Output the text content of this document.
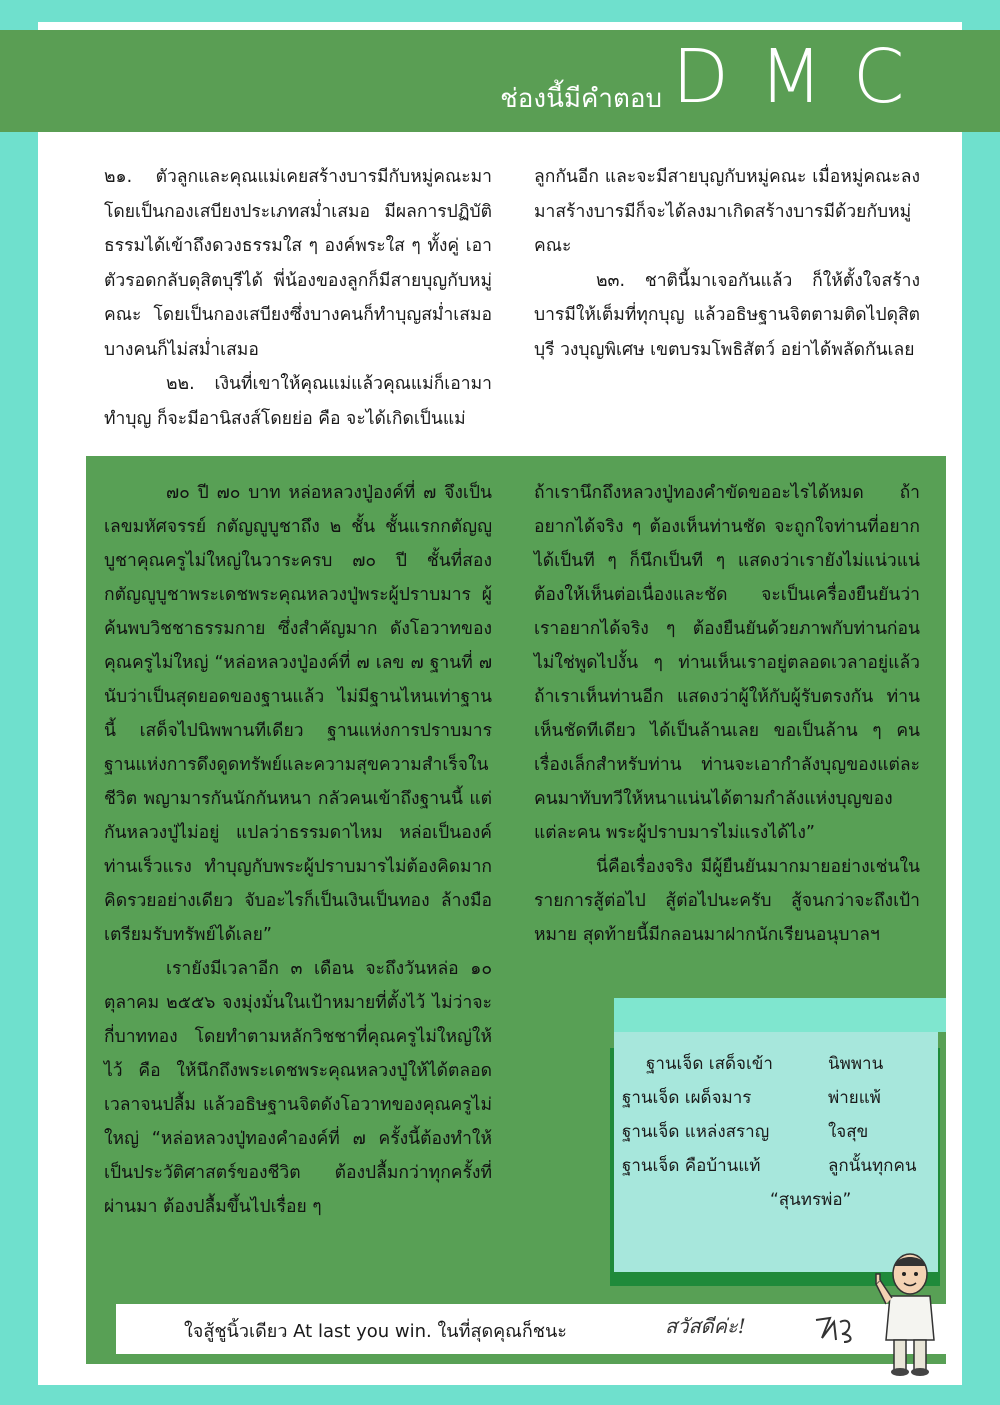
ช่องนี้มีคำตอบ DMC

๒๑. ตัวลูกและคุณแม่เคยสร้างบารมีกับหมู่คณะมาโดยเป็นกองเสบียงประเภทสม่ำเสมอ มีผลการปฏิบัติธรรมได้เข้าถึงดวงธรรมใส ๆ องค์พระใส ๆ ทั้งคู่ เอาตัวรอดกลับดุสิตบุรีได้ พี่น้องของลูกก็มีสายบุญกับหมู่คณะ โดยเป็นกองเสบียงซึ่งบางคนก็ทำบุญสม่ำเสมอ บางคนก็ไม่สม่ำเสมอ

๒๒. เงินที่เขาให้คุณแม่แล้วคุณแม่ก็เอามาทำบุญ ก็จะมีอานิสงส์โดยย่อ คือ จะได้เกิดเป็นแม่

ลูกกันอีก และจะมีสายบุญกับหมู่คณะ เมื่อหมู่คณะลงมาสร้างบารมีก็จะได้ลงมาเกิดสร้างบารมีด้วยกับหมู่คณะ

๒๓. ชาตินี้มาเจอกันแล้ว ก็ให้ตั้งใจสร้างบารมีให้เต็มที่ทุกบุญ แล้วอธิษฐานจิตตามติดไปดุสิตบุรี วงบุญพิเศษ เขตบรมโพธิสัตว์ อย่าได้พลัดกันเลย

๗๐ ปี ๗๐ บาท หล่อหลวงปู่องค์ที่ ๗ จึงเป็นเลขมหัศจรรย์ กตัญญูบูชาถึง ๒ ชั้น ชั้นแรกกตัญญูบูชาคุณครูไม่ใหญ่ในวาระครบ ๗๐ ปี ชั้นที่สองกตัญญูบูชาพระเดชพระคุณหลวงปู่พระผู้ปราบมาร ผู้ค้นพบวิชชาธรรมกาย ซึ่งสำคัญมาก ดังโอวาทของคุณครูไม่ใหญ่ “หล่อหลวงปู่องค์ที่ ๗ เลข ๗ ฐานที่ ๗ นับว่าเป็นสุดยอดของฐานแล้ว ไม่มีฐานไหนเท่าฐานนี้ เสด็จไปนิพพานทีเดียว ฐานแห่งการปราบมาร ฐานแห่งการดึงดูดทรัพย์และความสุขความสำเร็จในชีวิต พญามารกันนักกันหนา กลัวคนเข้าถึงฐานนี้ แต่กันหลวงปู่ไม่อยู่ แปลว่าธรรมดาไหม หล่อเป็นองค์ท่านเร็วแรง ทำบุญกับพระผู้ปราบมารไม่ต้องคิดมาก คิดรวยอย่างเดียว จับอะไรก็เป็นเงินเป็นทอง ล้างมือเตรียมรับทรัพย์ได้เลย”

เรายังมีเวลาอีก ๓ เดือน จะถึงวันหล่อ ๑๐ ตุลาคม ๒๕๕๖ จงมุ่งมั่นในเป้าหมายที่ตั้งไว้ ไม่ว่าจะกี่บาททอง โดยทำตามหลักวิชชาที่คุณครูไม่ใหญ่ให้ไว้ คือ ให้นึกถึงพระเดชพระคุณหลวงปู่ให้ได้ตลอดเวลาจนปลื้ม แล้วอธิษฐานจิตดังโอวาทของคุณครูไม่ใหญ่ “หล่อหลวงปู่ทองคำองค์ที่ ๗ ครั้งนี้ต้องทำให้เป็นประวัติศาสตร์ของชีวิต ต้องปลื้มกว่าทุกครั้งที่ผ่านมา ต้องปลื้มขึ้นไปเรื่อย ๆ

ถ้าเรานึกถึงหลวงปู่ทองคำขัดขออะไรได้หมด ถ้าอยากได้จริง ๆ ต้องเห็นท่านชัด จะถูกใจท่านที่อยากได้เป็นที ๆ ก็นึกเป็นที ๆ แสดงว่าเรายังไม่แน่วแน่ ต้องให้เห็นต่อเนื่องและชัด จะเป็นเครื่องยืนยันว่า เราอยากได้จริง ๆ ต้องยืนยันด้วยภาพกับท่านก่อน ไม่ใช่พูดไปงั้น ๆ ท่านเห็นเราอยู่ตลอดเวลาอยู่แล้ว ถ้าเราเห็นท่านอีก แสดงว่าผู้ให้กับผู้รับตรงกัน ท่านเห็นชัดทีเดียว ได้เป็นล้านเลย ขอเป็นล้าน ๆ คน เรื่องเล็กสำหรับท่าน ท่านจะเอากำลังบุญของแต่ละคนมาทับทวีให้หนาแน่นได้ตามกำลังแห่งบุญของแต่ละคน พระผู้ปราบมารไม่แรงได้ไง”

นี่คือเรื่องจริง มีผู้ยืนยันมากมายอย่างเช่นในรายการสู้ต่อไป สู้ต่อไปนะครับ สู้จนกว่าจะถึงเป้าหมาย สุดท้ายนี้มีกลอนมาฝากนักเรียนอนุบาลฯ

ฐานเจ็ด เสด็จเข้า	นิพพาน
ฐานเจ็ด เผด็จมาร	พ่ายแพ้
ฐานเจ็ด แหล่งสราญ	ใจสุข
ฐานเจ็ด คือบ้านแท้	ลูกนั้นทุกคน
“สุนทรพ่อ”
ใจสู้ชูนิ้วเดียว At last you win. ในที่สุดคุณก็ชนะ	สวัสดีค่ะ!
